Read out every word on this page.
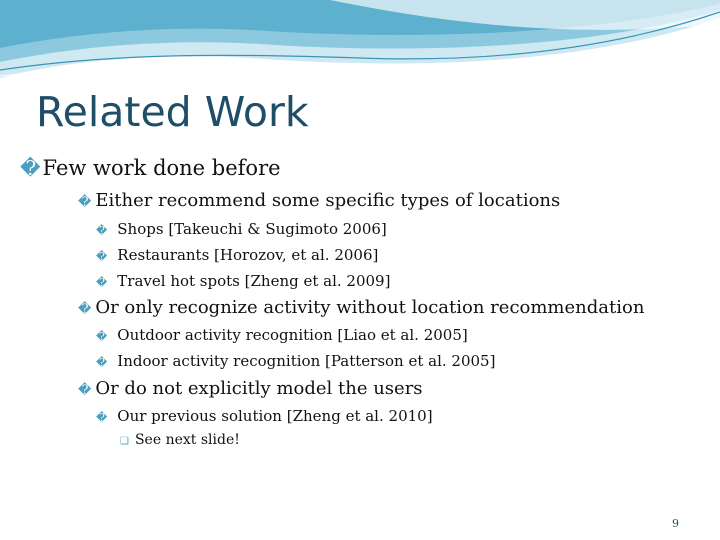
Related Work
�Few work done before
� Either recommend some specific types of locations
� Shops [Takeuchi & Sugimoto 2006]
� Restaurants [Horozov, et al. 2006]
� Travel hot spots [Zheng et al. 2009]
� Or only recognize activity without location recommendation
� Outdoor activity recognition [Liao et al. 2005]
� Indoor activity recognition [Patterson et al. 2005]
� Or do not explicitly model the users
� Our previous solution [Zheng et al. 2010]
❑ See next slide!
9
